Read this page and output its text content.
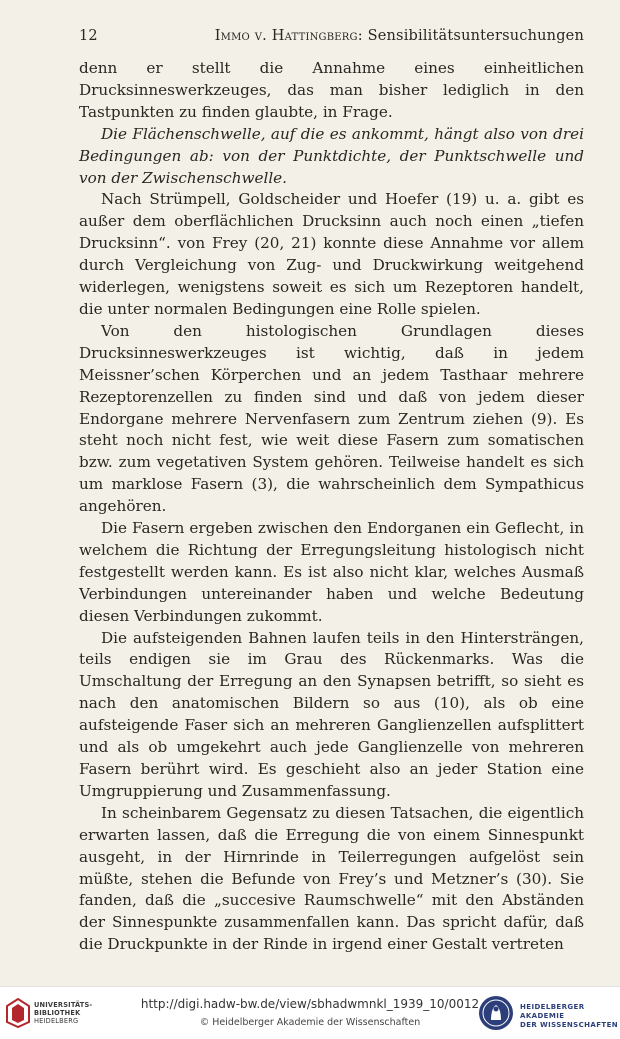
12	Immo v. Hattingberg: Sensibilitätsuntersuchungen

denn er stellt die Annahme eines einheitlichen Drucksinneswerkzeuges, das man bisher lediglich in den Tastpunkten zu finden glaubte, in Frage.

Die Flächenschwelle, auf die es ankommt, hängt also von drei Bedingungen ab: von der Punktdichte, der Punktschwelle und von der Zwischenschwelle.

Nach Strümpell, Goldscheider und Hoefer (19) u. a. gibt es außer dem oberflächlichen Drucksinn auch noch einen „tiefen Drucksinn“. von Frey (20, 21) konnte diese Annahme vor allem durch Vergleichung von Zug- und Druckwirkung weitgehend widerlegen, wenigstens soweit es sich um Rezeptoren handelt, die unter normalen Bedingungen eine Rolle spielen.

Von den histologischen Grundlagen dieses Drucksinneswerkzeuges ist wichtig, daß in jedem Meissner’schen Körperchen und an jedem Tasthaar mehrere Rezeptorenzellen zu finden sind und daß von jedem dieser Endorgane mehrere Nervenfasern zum Zentrum ziehen (9). Es steht noch nicht fest, wie weit diese Fasern zum somatischen bzw. zum vegetativen System gehören. Teilweise handelt es sich um marklose Fasern (3), die wahrscheinlich dem Sympathicus angehören.

Die Fasern ergeben zwischen den Endorganen ein Geflecht, in welchem die Richtung der Erregungsleitung histologisch nicht festgestellt werden kann. Es ist also nicht klar, welches Ausmaß Verbindungen untereinander haben und welche Bedeutung diesen Verbindungen zukommt.

Die aufsteigenden Bahnen laufen teils in den Hintersträngen, teils endigen sie im Grau des Rückenmarks. Was die Umschaltung der Erregung an den Synapsen betrifft, so sieht es nach den anatomischen Bildern so aus (10), als ob eine aufsteigende Faser sich an mehreren Ganglienzellen aufsplittert und als ob umgekehrt auch jede Ganglienzelle von mehreren Fasern berührt wird. Es geschieht also an jeder Station eine Umgruppierung und Zusammenfassung.

In scheinbarem Gegensatz zu diesen Tatsachen, die eigentlich erwarten lassen, daß die Erregung die von einem Sinnespunkt ausgeht, in der Hirnrinde in Teilerregungen aufgelöst sein müßte, stehen die Befunde von Frey’s und Metzner’s (30). Sie fanden, daß die „succesive Raumschwelle“ mit den Abständen der Sinnespunkte zusammenfallen kann. Das spricht dafür, daß die Druckpunkte in der Rinde in irgend einer Gestalt vertreten

UNIVERSITÄTS-
BIBLIOTHEK
HEIDELBERG
http://digi.hadw-bw.de/view/sbhadwmnkl_1939_10/0012
© Heidelberger Akademie der Wissenschaften
HEIDELBERGER AKADEMIE
DER WISSENSCHAFTEN
